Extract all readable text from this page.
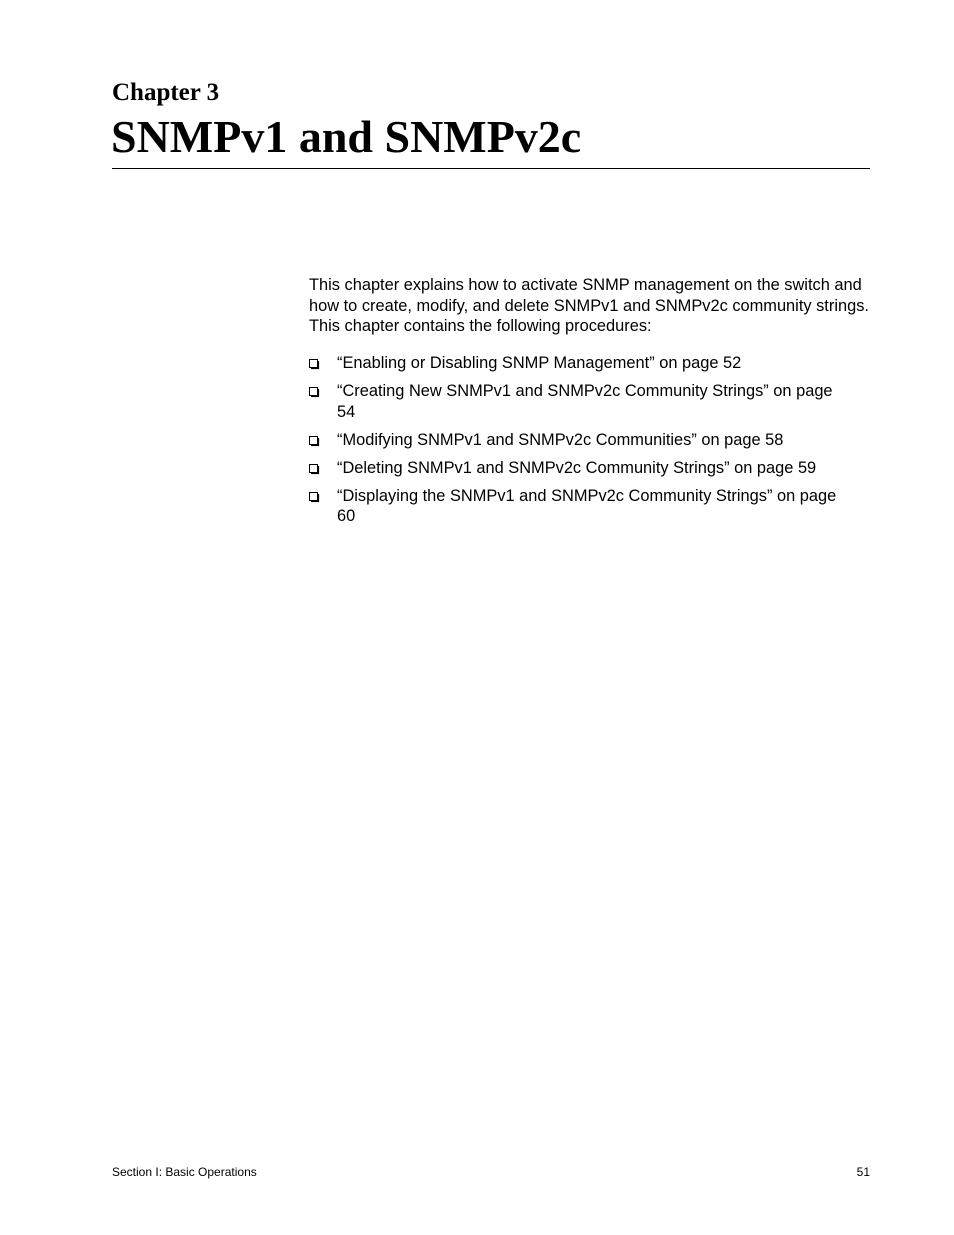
Chapter 3
SNMPv1 and SNMPv2c

This chapter explains how to activate SNMP management on the switch and how to create, modify, and delete SNMPv1 and SNMPv2c community strings. This chapter contains the following procedures:

“Enabling or Disabling SNMP Management” on page 52
“Creating New SNMPv1 and SNMPv2c Community Strings” on page 54
“Modifying SNMPv1 and SNMPv2c Communities” on page 58
“Deleting SNMPv1 and SNMPv2c Community Strings” on page 59
“Displaying the SNMPv1 and SNMPv2c Community Strings” on page 60

Section I: Basic Operations	51
